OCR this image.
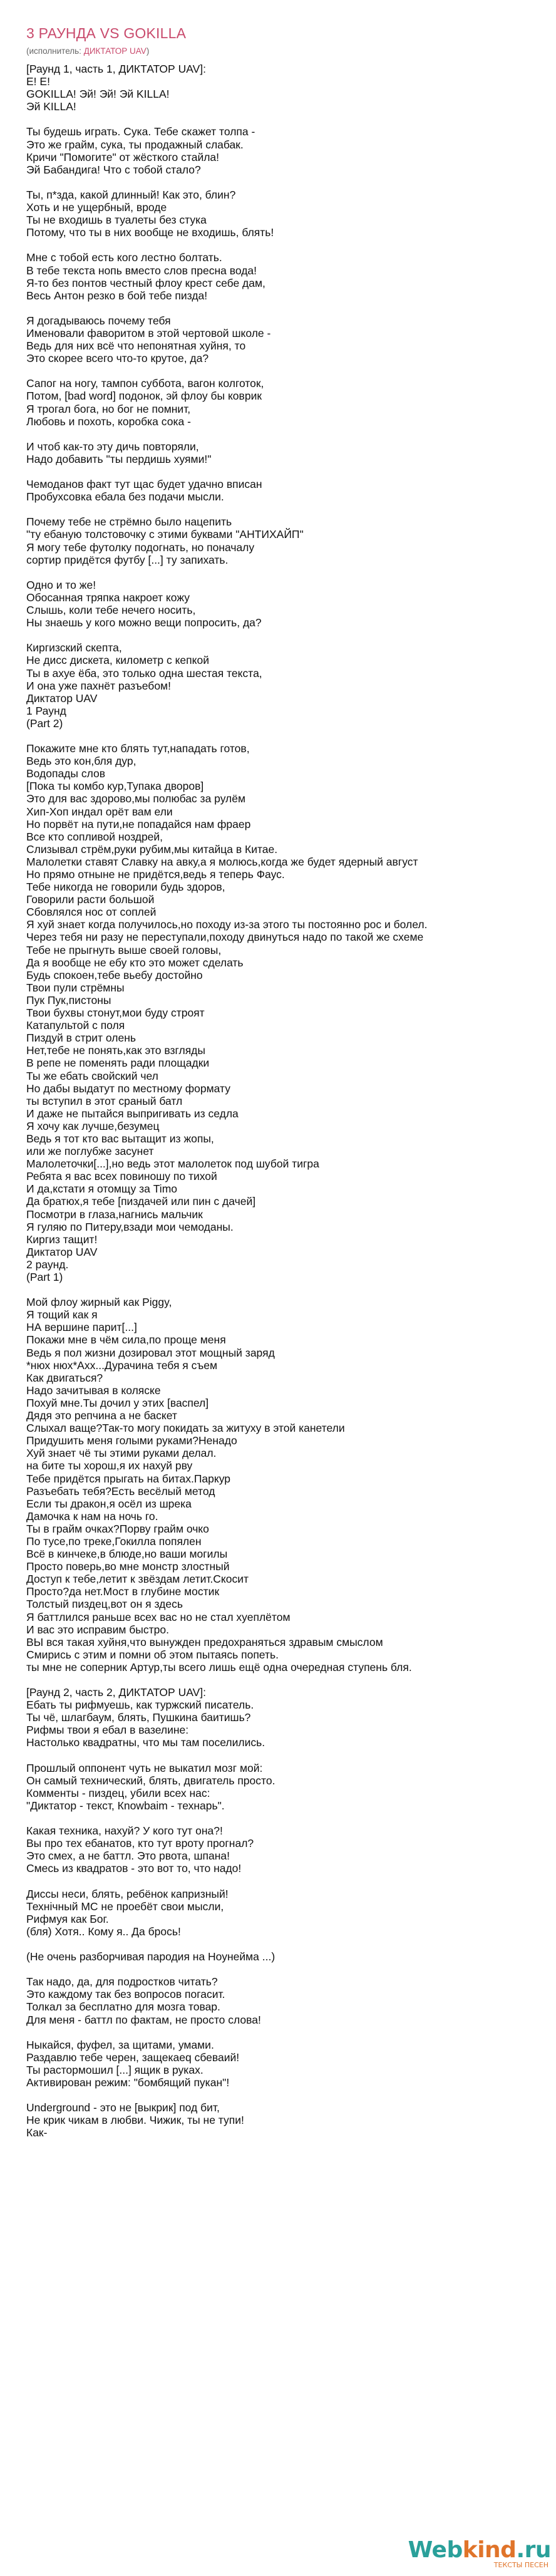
3 РАУНДА VS GOKILLA
(исполнитель: ДИКТАТОР UAV)
[Раунд 1, часть 1, ДИКТАТОР UAV]:
Е! Е!
GOKILLA! Эй! Эй! Эй KILLA!
Эй KILLA!

Ты будешь играть. Сука. Тебе скажет толпа -
Это же грайм, сука, ты продажный слабак.
Кричи "Помогите" от жёсткого стайла!
Эй Бабандига! Что с тобой стало?

Ты, п*зда, какой длинный! Как это, блин?
Хоть и не ущербный, вроде
Ты не входишь в туалеты без стука
Потому, что ты в них вообще не входишь, блять!

Мне с тобой есть кого лестно болтать.
В тебе текста нопь вместо слов пресна вода!
Я-то без понтов честный флоу крест себе дам,
Весь Антон резко в бой тебе пизда!

Я догадываюсь почему тебя
Именовали фаворитом в этой чертовой школе -
Ведь для них всё что непонятная хуйня, то
Это скорее всего что-то крутое, да?

Сапог на ногу, тампон суббота, вагон колготок,
Потом, [bad word] подонок, эй флоу бы коврик
Я трогал бога, но бог не помнит,
Любовь и похоть, коробка сока -

И чтоб как-то эту дичь повторяли,
Надо добавить "ты пердишь хуями!"

Чемоданов факт тут щас будет удачно вписан
Пробухсовка ебала без подачи мысли.

Почему тебе не стрёмно было нацепить
"ту ебаную толстовочку с этими буквами "АНТИХАЙП"
Я могу тебе футолку подогнать, но поначалу
сортир придётся футбу [...] ту запихать.

Одно и то же!
Обосанная тряпка накроет кожу
Слышь, коли тебе нечего носить,
Ны знаешь у кого можно вещи попросить, да?

Киргизский скепта,
Не диcс дискета, километр с кепкой
Ты в ахуе ёба, это только одна шестая текста,
И она уже пахнёт разъебом!
Диктатор UAV
1 Раунд
(Part 2)

Покажите мне кто блять тут,нападать готов,
Ведь это кон,бля дур,
Водопады слов
[Пока ты комбо кур,Тупака дворов]
Это для вас здорово,мы полюбас за рулём
Хип-Хоп индал орёт вам ели
Но порвёт на пути,не попадайся нам фраер
Все кто сопливой ноздрей,
Слизывал стрём,руки рубим,мы китайца в Китае.
Малолетки ставят Славку на авку,а я молюсь,когда же будет ядерный август
Но прямо отныне не придётся,ведь я теперь Фаус.
Тебе никогда не говорили будь здоров,
Говорили расти большой
Сбовлялся нос от соплей
Я хуй знает когда получилось,но походу из-за этого ты постоянно рос и болел.
Через тебя ни разу не переступали,походу двинуться надо по такой же схеме
Тебе не прыгнуть выше своей головы,
Да я вообще не ебу кто это может сделать
Будь спокоен,тебе вьебу достойно
Твои пули стрёмны
Пук Пук,пистоны
Твои бухвы стонут,мои буду строят
Катапультой с поля
Пиздуй в стрит олень
Нет,тебе не понять,как это взгляды
В репе не поменять ради площадки
Ты же ебать свойский чел
Но дабы выдатут по местному формату
ты вступил в этот сраный батл
И даже не пытайся выпригивать из седла
Я хочу как лучше,безумец
Ведь я тот кто вас вытащит из жопы,
или же поглубже засунет
Малолеточки[...],но ведь этот малолеток под шубой тигра
Ребята я вас всех повиношу по тихой
И да,кстати я отомщу за Timo
Да братюх,я тебе [пиздачей или пин с дачей]
Посмотри в глаза,нагнись мальчик
Я гуляю по Питеру,взади мои чемоданы.
Киргиз тащит!
Диктатор UAV
2 раунд.
(Part 1)

Мой флоу жирный как Piggy,
Я тощий как я
НА вершине парит[...]
Покажи мне в чём сила,по проще меня
Ведь я пол жизни дозировал этот мощный заряд
*нюх нюх*Ахх...Дурачина тебя я съем
Как двигаться?
Надо зачитывая в коляске
Похуй мне.Ты дочил у этих [васпел]
Дядя это репчина а не баскет
Слыхал ваще?Так-то могу покидать за житуху в этой канетели
Придушить меня голыми руками?Ненадо
Хуй знает чё ты этими руками делал.
на бите ты хорош,я их нахуй рву
Тебе придётся прыгать на битах.Паркур
Разъебать тебя?Есть весёлый метод
Если ты дракон,я осёл из шрека
Дамочка к нам на ночь го.
Ты в грайм очках?Порву грайм очко
По тусе,по треке,Гокилла попялен
Всё в кинчеке,в блюде,но ваши могилы
Просто поверь,во мне монстр злостный
Доступ к тебе,летит к звёздам летит.Скосит
Просто?да нет.Мост в глубине мостик
Толстый пиздец,вот он я здесь
Я баттлился раньше всех вас но не стал хуеплётом
И вас это исправим быстро.
ВЫ вся такая хуйня,что вынужден предохраняться здравым смыслом
Смирись с этим и помни об этом пытаясь попеть.
ты мне не соперник Артур,ты всего лишь ещё одна очередная ступень бля.

[Раунд 2, часть 2, ДИКТАТОР UAV]:
Ебать ты рифмуешь, как туржский писатель.
Ты чё, шлагбаум, блять, Пушкина баитишь?
Рифмы твои я ебал в вазелине:
Настолько квадратны, что мы там поселились.

Прошлый оппонент чуть не выкатил мозг мой:
Он самый технический, блять, двигатель просто.
Комменты - пиздец, убили всех нас:
"Диктатор - текст, Кnowbaim - технарь".

Какая техника, нахуй? У кого тут она?!
Вы про тех ебанатов, кто тут вроту прогнал?
Это смех, а не баттл. Это рвота, шпана!
Смесь из квадратов - это вот то, что надо!

Диссы неси, блять, ребёнок капризный!
Технічный МС не проебёт свои мысли,
Рифмуя как Бог.
(бля) Хотя.. Кому я.. Да брось!

(Не очень разборчивая пародия на Ноунейма ...)

Так надо, да, для подростков читать?
Это каждому так без вопросов погасит.
Толкал за бесплатно для мозга товар.
Для меня - баттл по фактам, не просто слова!

Ныкайся, фуфел, за щитами, умами.
Раздавлю тебе черен, защекаеq сбеваий!
Ты растормошил [...] ящик в руках.
Активирован режим: "бомбящий пукан"!

Underground - это не [выкрик] под бит,
Не крик чикам в любви. Чижик, ты не тупи!
Как-
Webkind.ru
ТЕКСТЫ ПЕСЕН
